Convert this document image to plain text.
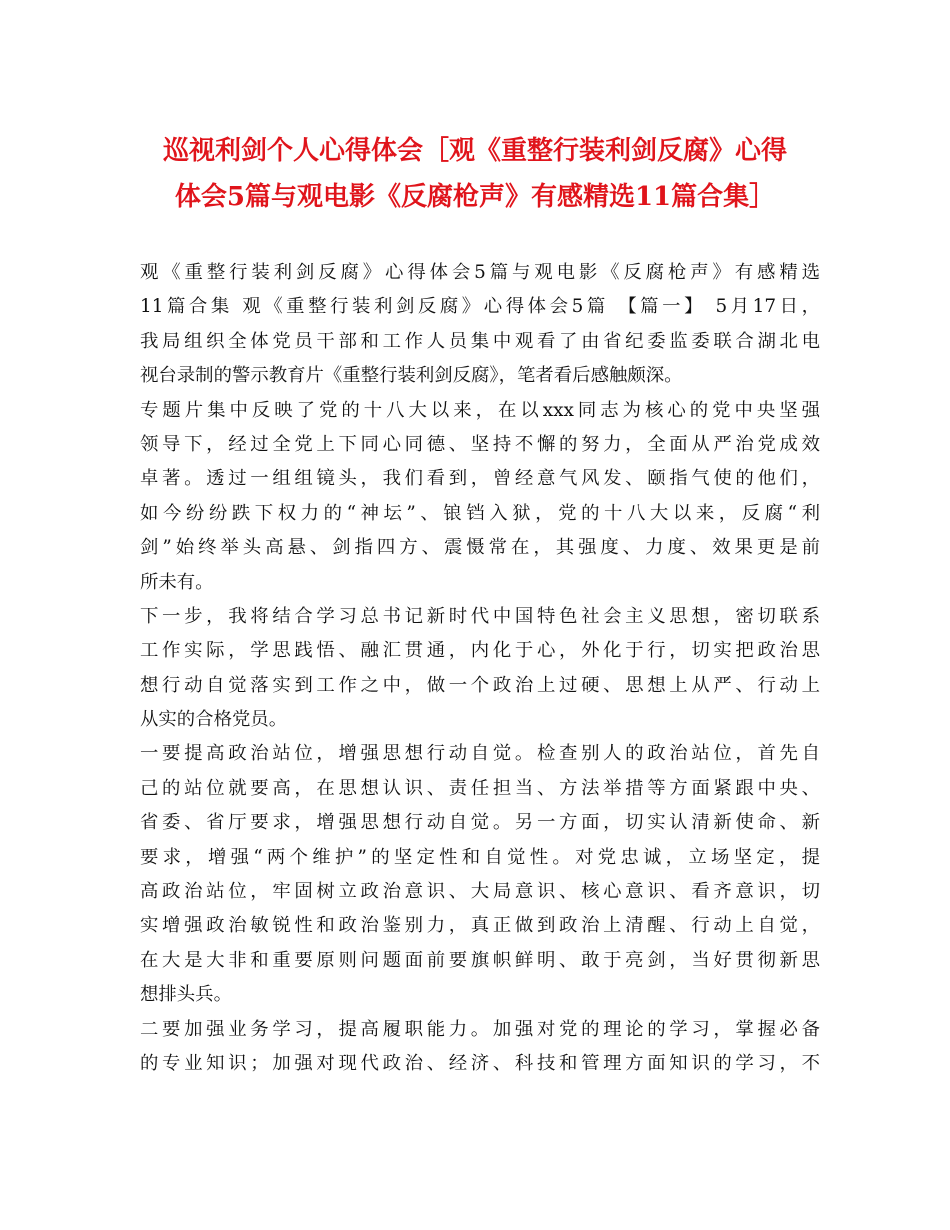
巡视利剑个人心得体会［观《重整行装利剑反腐》心得
体会5篇与观电影《反腐枪声》有感精选11篇合集］
观《重整行装利剑反腐》心得体会5篇与观电影《反腐枪声》有感精选
11篇合集 观《重整行装利剑反腐》心得体会5篇 【篇一】 5月17日，
我局组织全体党员干部和工作人员集中观看了由省纪委监委联合湖北电
视台录制的警示教育片《重整行装利剑反腐》，笔者看后感触颇深。
专题片集中反映了党的十八大以来，在以xxx同志为核心的党中央坚强
领导下，经过全党上下同心同德、坚持不懈的努力，全面从严治党成效
卓著。透过一组组镜头，我们看到，曾经意气风发、颐指气使的他们，
如今纷纷跌下权力的“神坛”、锒铛入狱，党的十八大以来，反腐“利
剑”始终举头高悬、剑指四方、震慑常在，其强度、力度、效果更是前
所未有。
下一步，我将结合学习总书记新时代中国特色社会主义思想，密切联系
工作实际，学思践悟、融汇贯通，内化于心，外化于行，切实把政治思
想行动自觉落实到工作之中，做一个政治上过硬、思想上从严、行动上
从实的合格党员。
一要提高政治站位，增强思想行动自觉。检查别人的政治站位，首先自
己的站位就要高，在思想认识、责任担当、方法举措等方面紧跟中央、
省委、省厅要求，增强思想行动自觉。另一方面，切实认清新使命、新
要求，增强“两个维护”的坚定性和自觉性。对党忠诚，立场坚定，提
高政治站位，牢固树立政治意识、大局意识、核心意识、看齐意识，切
实增强政治敏锐性和政治鉴别力，真正做到政治上清醒、行动上自觉，
在大是大非和重要原则问题面前要旗帜鲜明、敢于亮剑，当好贯彻新思
想排头兵。
二要加强业务学习，提高履职能力。加强对党的理论的学习，掌握必备
的专业知识；加强对现代政治、经济、科技和管理方面知识的学习，不
